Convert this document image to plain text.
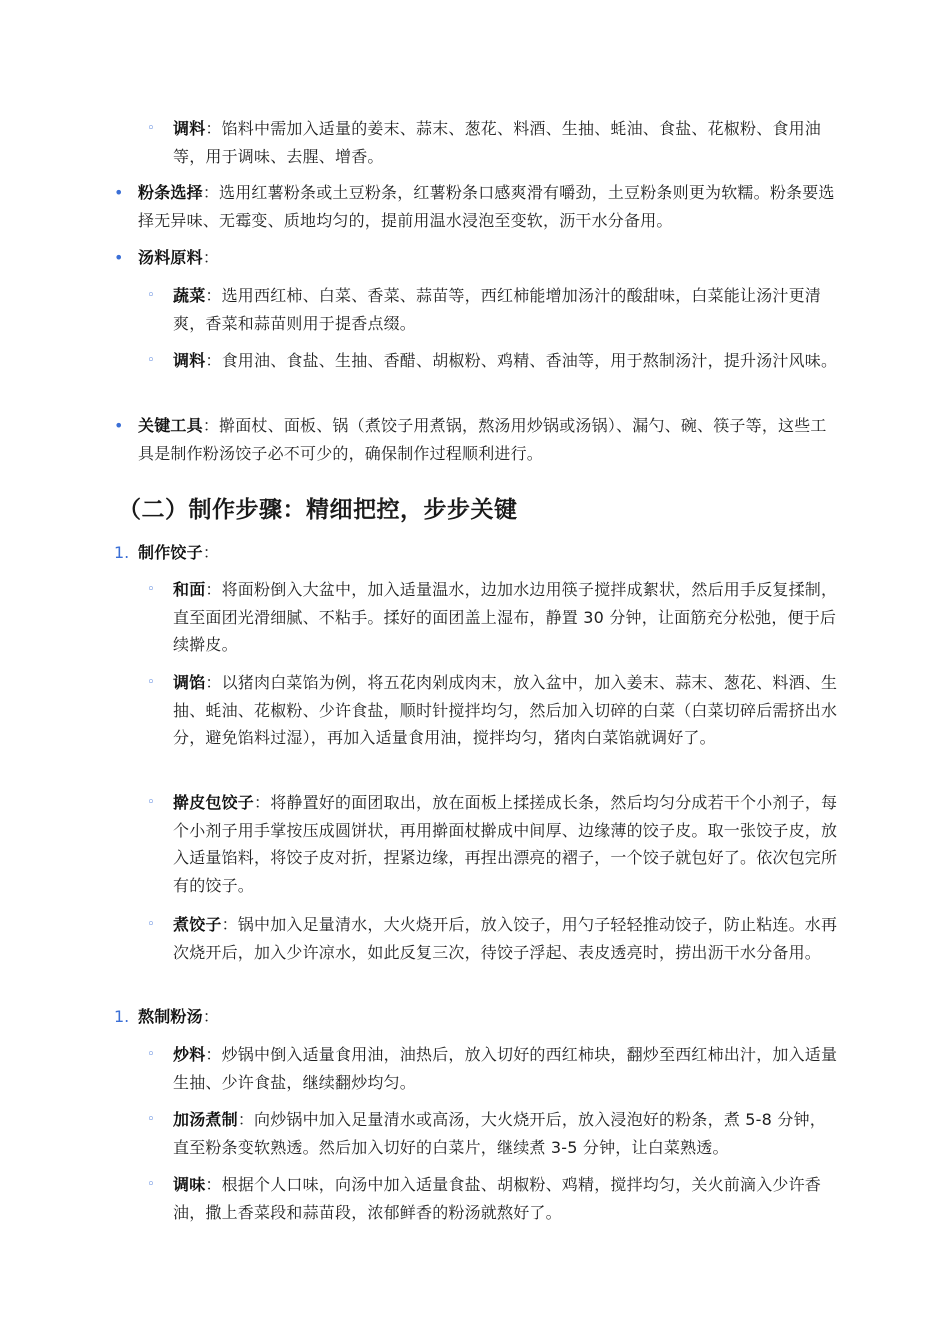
◦ 调料：馅料中需加入适量的姜末、蒜末、葱花、料酒、生抽、蚝油、食盐、花椒粉、食用油等，用于调味、去腥、增香。
• 粉条选择：选用红薯粉条或土豆粉条，红薯粉条口感爽滑有嚼劲，土豆粉条则更为软糯。粉条要选择无异味、无霉变、质地均匀的，提前用温水浸泡至变软，沥干水分备用。
• 汤料原料：
◦ 蔬菜：选用西红柿、白菜、香菜、蒜苗等，西红柿能增加汤汁的酸甜味，白菜能让汤汁更清爽，香菜和蒜苗则用于提香点缀。
◦ 调料：食用油、食盐、生抽、香醋、胡椒粉、鸡精、香油等，用于熬制汤汁，提升汤汁风味。
• 关键工具：擀面杖、面板、锅（煮饺子用煮锅，熬汤用炒锅或汤锅）、漏勺、碗、筷子等，这些工具是制作粉汤饺子必不可少的，确保制作过程顺利进行。
（二）制作步骤：精细把控，步步关键
1. 制作饺子：
◦ 和面：将面粉倒入大盆中，加入适量温水，边加水边用筷子搅拌成絮状，然后用手反复揉制，直至面团光滑细腻、不粘手。揉好的面团盖上湿布，静置 30 分钟，让面筋充分松弛，便于后续擀皮。
◦ 调馅：以猪肉白菜馅为例，将五花肉剁成肉末，放入盆中，加入姜末、蒜末、葱花、料酒、生抽、蚝油、花椒粉、少许食盐，顺时针搅拌均匀，然后加入切碎的白菜（白菜切碎后需挤出水分，避免馅料过湿），再加入适量食用油，搅拌均匀，猪肉白菜馅就调好了。
◦ 擀皮包饺子：将静置好的面团取出，放在面板上揉搓成长条，然后均匀分成若干个小剂子，每个小剂子用手掌按压成圆饼状，再用擀面杖擀成中间厚、边缘薄的饺子皮。取一张饺子皮，放入适量馅料，将饺子皮对折，捏紧边缘，再捏出漂亮的褶子，一个饺子就包好了。依次包完所有的饺子。
◦ 煮饺子：锅中加入足量清水，大火烧开后，放入饺子，用勺子轻轻推动饺子，防止粘连。水再次烧开后，加入少许凉水，如此反复三次，待饺子浮起、表皮透亮时，捞出沥干水分备用。
1. 熬制粉汤：
◦ 炒料：炒锅中倒入适量食用油，油热后，放入切好的西红柿块，翻炒至西红柿出汁，加入适量生抽、少许食盐，继续翻炒均匀。
◦ 加汤煮制：向炒锅中加入足量清水或高汤，大火烧开后，放入浸泡好的粉条，煮 5-8 分钟，直至粉条变软熟透。然后加入切好的白菜片，继续煮 3-5 分钟，让白菜熟透。
◦ 调味：根据个人口味，向汤中加入适量食盐、胡椒粉、鸡精，搅拌均匀，关火前滴入少许香油，撒上香菜段和蒜苗段，浓郁鲜香的粉汤就熬好了。
